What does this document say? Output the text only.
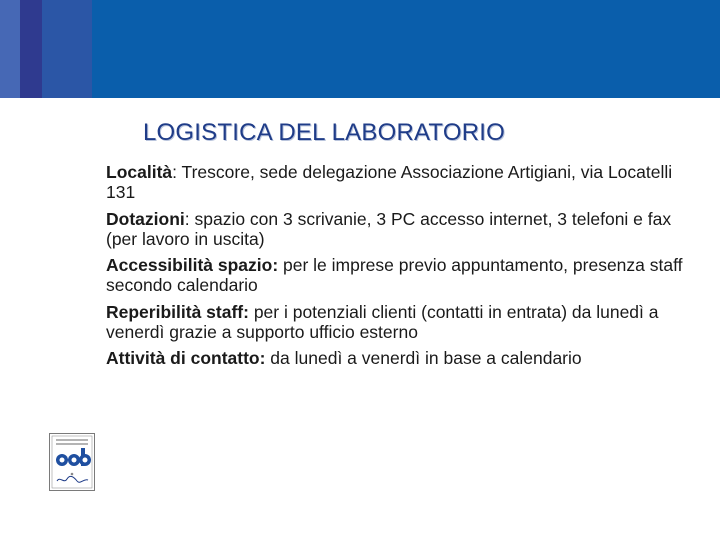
LOGISTICA DEL LABORATORIO
Località: Trescore, sede delegazione Associazione Artigiani, via Locatelli 131
Dotazioni: spazio con 3 scrivanie, 3 PC accesso internet, 3 telefoni e fax (per lavoro in uscita)
Accessibilità spazio: per le imprese previo appuntamento, presenza staff secondo calendario
Reperibilità staff: per i potenziali clienti (contatti in entrata) da lunedì a venerdì grazie a supporto ufficio esterno
Attività di contatto: da lunedì a venerdì in base a calendario
